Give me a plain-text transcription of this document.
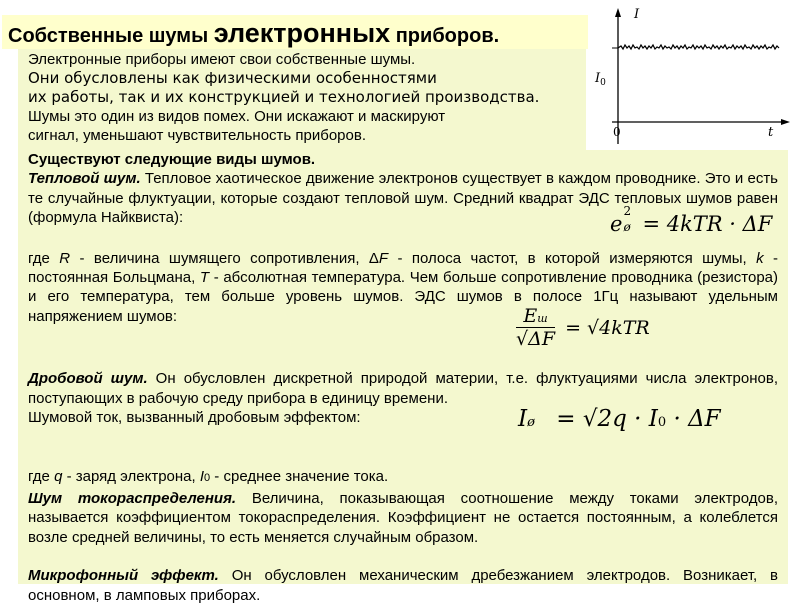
Собственные шумы электронных приборов.
Электронные приборы имеют свои собственные шумы.
Они обусловлены как физическими особенностями
их работы, так и их конструкцией и технологией производства.
Шумы это один из видов помех. Они искажают и маскируют
сигнал, уменьшают чувствительность приборов.
I
$I_0$
0	t

Существуют следующие виды шумов.

Тепловой шум. Тепловое хаотическое движение электронов существует в каждом проводнике. Это и есть те случайные флуктуации, которые создают тепловой шум. Средний квадрат ЭДС тепловых шумов равен (формула Найквиста):

где R - величина шумящего сопротивления, ΔF - полоса частот, в которой измеряются шумы, k - постоянная Больцмана, T - абсолютная температура. Чем больше сопротивление проводника (резистора) и его температура, тем больше уровень шумов. ЭДС шумов в полосе 1Гц называют удельным напряжением шумов:

Дробовой шум. Он обусловлен дискретной природой материи, т.е. флуктуациями числа электронов, поступающих в рабочую среду прибора в единицу времени.

Шумовой ток, вызванный дробовым эффектом:

где q - заряд электрона, I0 - среднее значение тока.

Шум токораспределения. Величина, показывающая соотношение между токами электродов, называется коэффициентом токораспределения. Коэффициент не остается постоянным, а колеблется возле средней величины, то есть меняется случайным образом.

Микрофонный эффект. Он обусловлен механическим дребезжанием электродов. Возникает, в основном, в ламповых приборах.

e
2
ø = 4kTR · ΔF
Eш
√ΔF
= √4kTR
Iø = √2q · I0 · ΔF
